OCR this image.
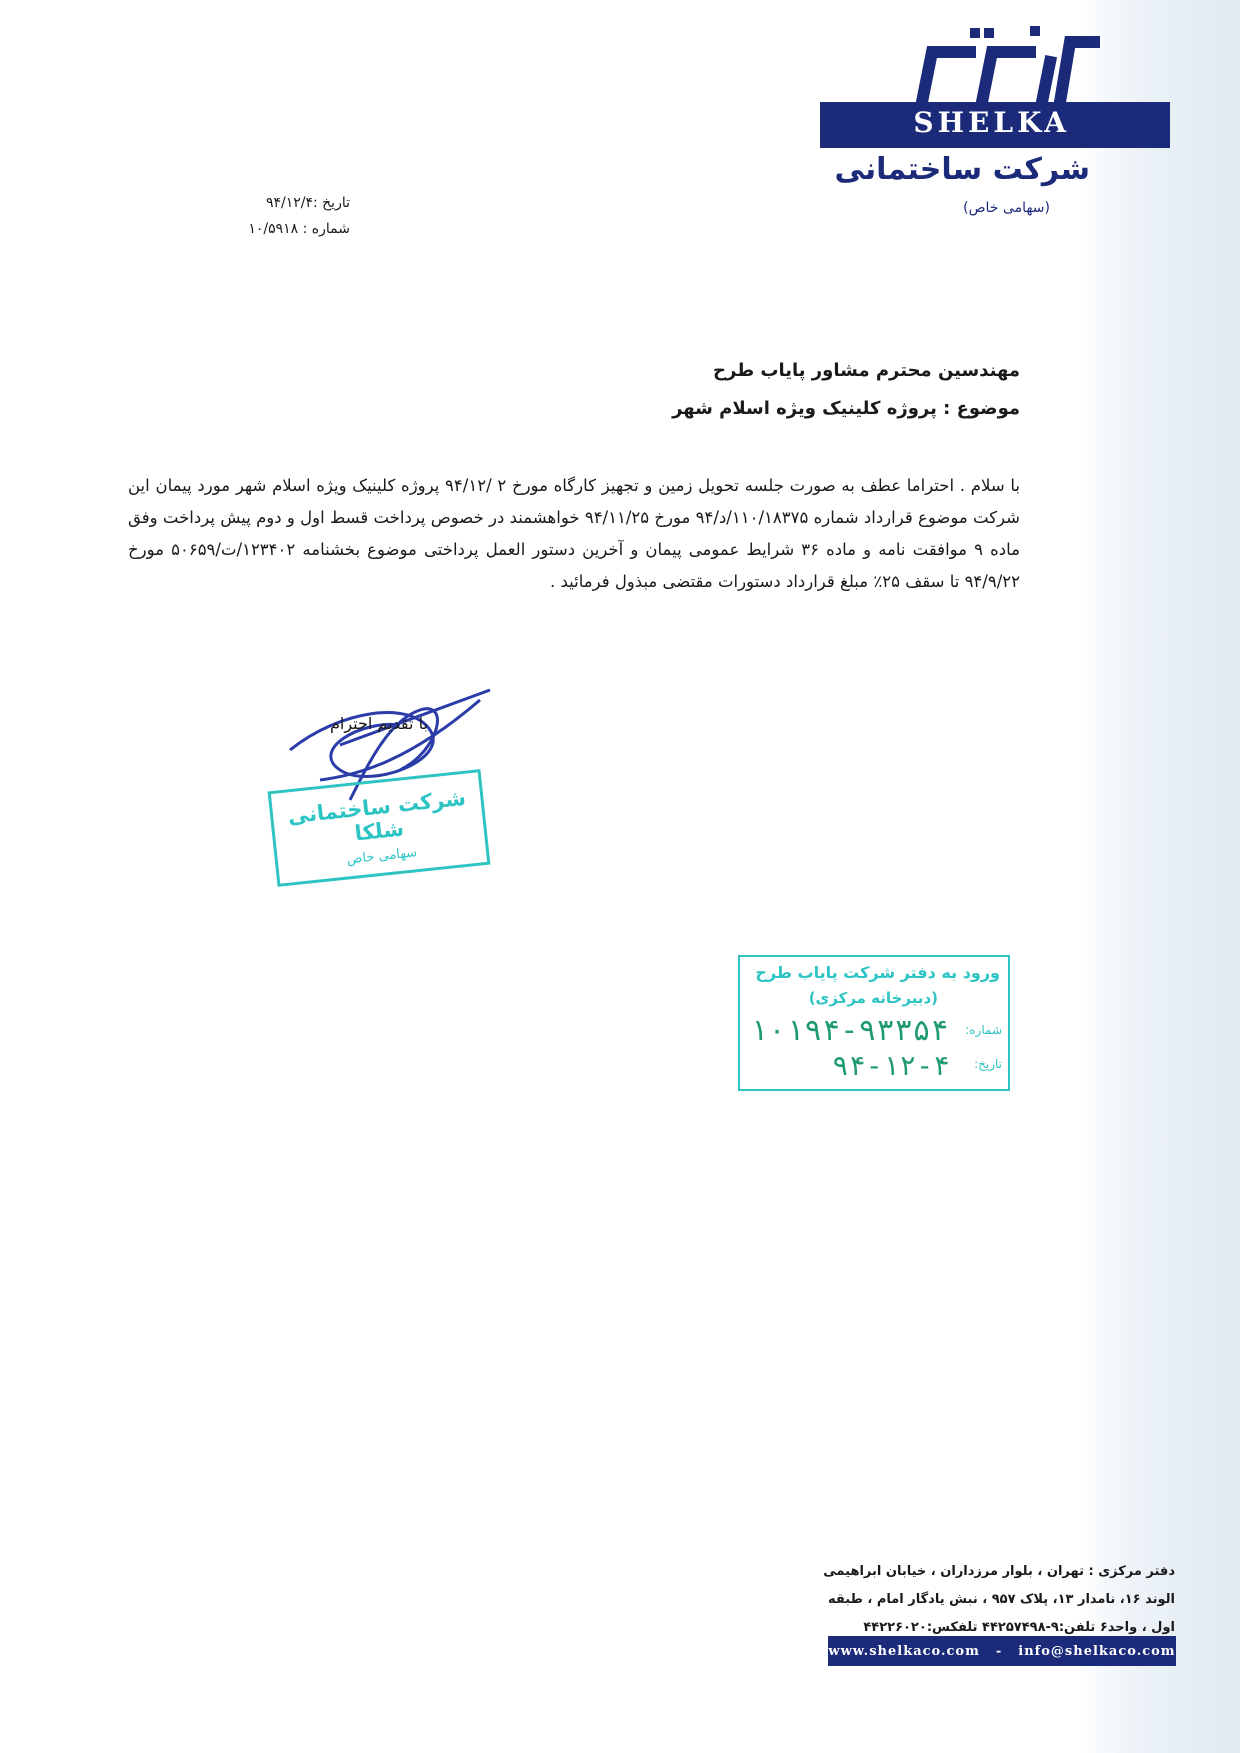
SHELKA
شرکت ساختمانی
(سهامی خاص)
تاریخ :۹۴/۱۲/۴
شماره : ۱۰/۵۹۱۸
مهندسین محترم مشاور پایاب طرح
موضوع : پروژه کلینیک ویژه اسلام شهر
با سلام . احتراما عطف به صورت جلسه تحویل زمین و تجهیز کارگاه مورخ ۲ /۹۴/۱۲ پروژه کلینیک ویژه اسلام شهر مورد پیمان این شرکت موضوع قرارداد شماره ۱۱۰/۱۸۳۷۵/د/۹۴ مورخ ۹۴/۱۱/۲۵ خواهشمند در خصوص پرداخت قسط اول و دوم پیش پرداخت وفق ماده ۹ موافقت نامه و ماده ۳۶ شرایط عمومی پیمان و آخرین دستور العمل پرداختی موضوع بخشنامه ۱۲۳۴۰۲/ت/۵۰۶۵۹ مورخ ۹۴/۹/۲۲ تا سقف ۲۵٪ مبلغ قرارداد دستورات مقتضی مبذول فرمائید .
با تقدیم احترام
شرکت ساختمانی شلکا
سهامی خاص
ورود به دفتر شرکت پایاب طرح
(دبیرخانه مرکزی)
شماره:
۱۰۱۹۴-۹۳۳۵۴
تاریخ:
۹۴-۱۲-۴
دفتر مرکزی : تهران ، بلوار مرزداران ، خیابان ابراهیمی
الوند ۱۶، نامدار ۱۳، پلاک ۹۵۷ ، نبش یادگار امام ، طبقه
اول ، واحد۶ تلفن:۹-۴۴۲۵۷۴۹۸ تلفکس:۴۴۲۲۶۰۲۰
www.shelkaco.com - info@shelkaco.com
